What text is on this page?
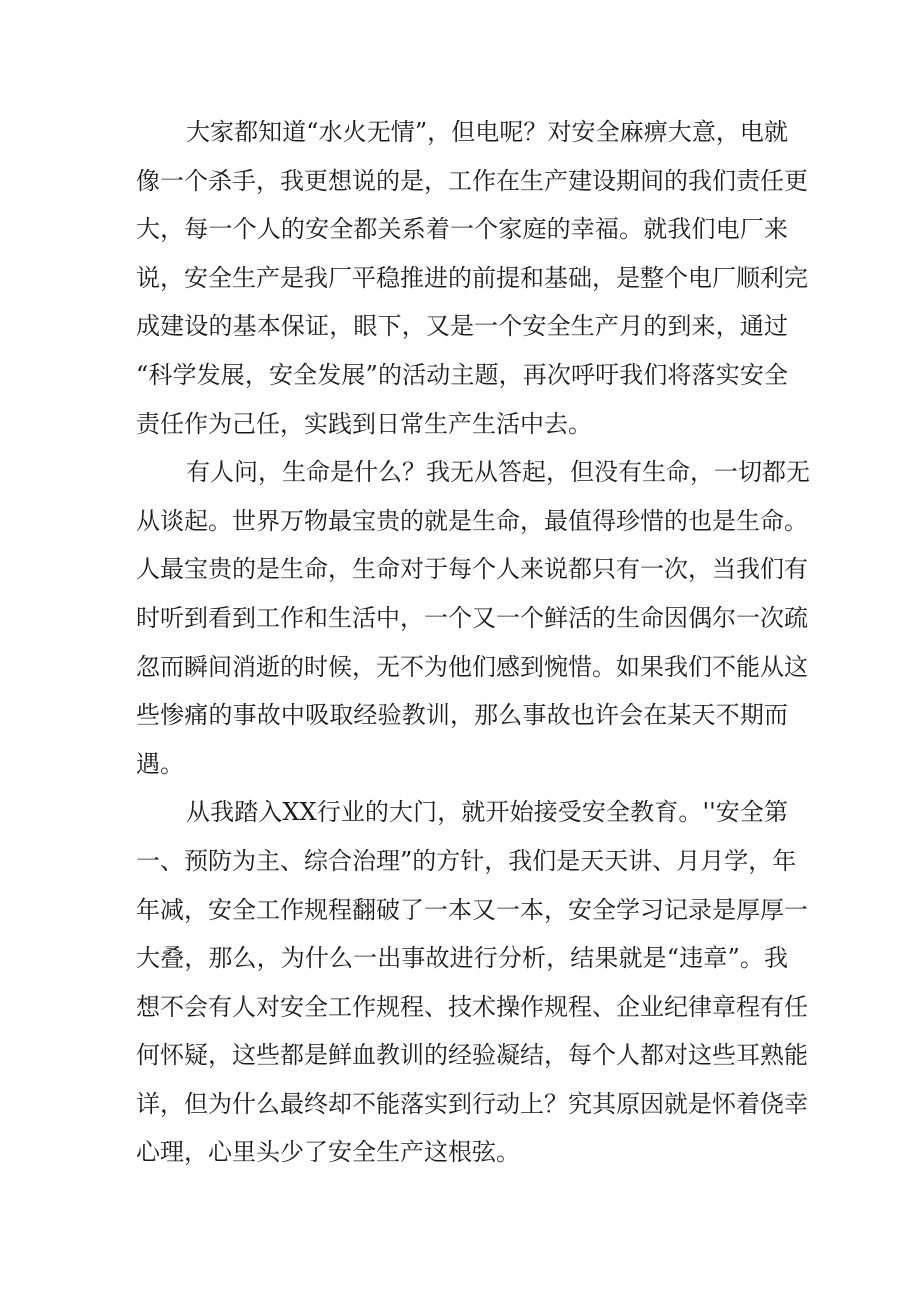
大家都知道“水火无情”，但电呢？对安全麻痹大意，电就
像一个杀手，我更想说的是，工作在生产建设期间的我们责任更
大，每一个人的安全都关系着一个家庭的幸福。就我们电厂来
说，安全生产是我厂平稳推进的前提和基础，是整个电厂顺利完
成建设的基本保证，眼下，又是一个安全生产月的到来，通过
“科学发展，安全发展”的活动主题，再次呼吁我们将落实安全
责任作为己任，实践到日常生产生活中去。
有人问，生命是什么？我无从答起，但没有生命，一切都无
从谈起。世界万物最宝贵的就是生命，最值得珍惜的也是生命。
人最宝贵的是生命，生命对于每个人来说都只有一次，当我们有
时听到看到工作和生活中，一个又一个鲜活的生命因偶尔一次疏
忽而瞬间消逝的时候，无不为他们感到惋惜。如果我们不能从这
些惨痛的事故中吸取经验教训，那么事故也许会在某天不期而
遇。
从我踏入XX行业的大门，就开始接受安全教育。''安全第
一、预防为主、综合治理”的方针，我们是天天讲、月月学，年
年减，安全工作规程翻破了一本又一本，安全学习记录是厚厚一
大叠，那么，为什么一出事故进行分析，结果就是“违章”。我
想不会有人对安全工作规程、技术操作规程、企业纪律章程有任
何怀疑，这些都是鲜血教训的经验凝结，每个人都对这些耳熟能
详，但为什么最终却不能落实到行动上？究其原因就是怀着侥幸
心理，心里头少了安全生产这根弦。
